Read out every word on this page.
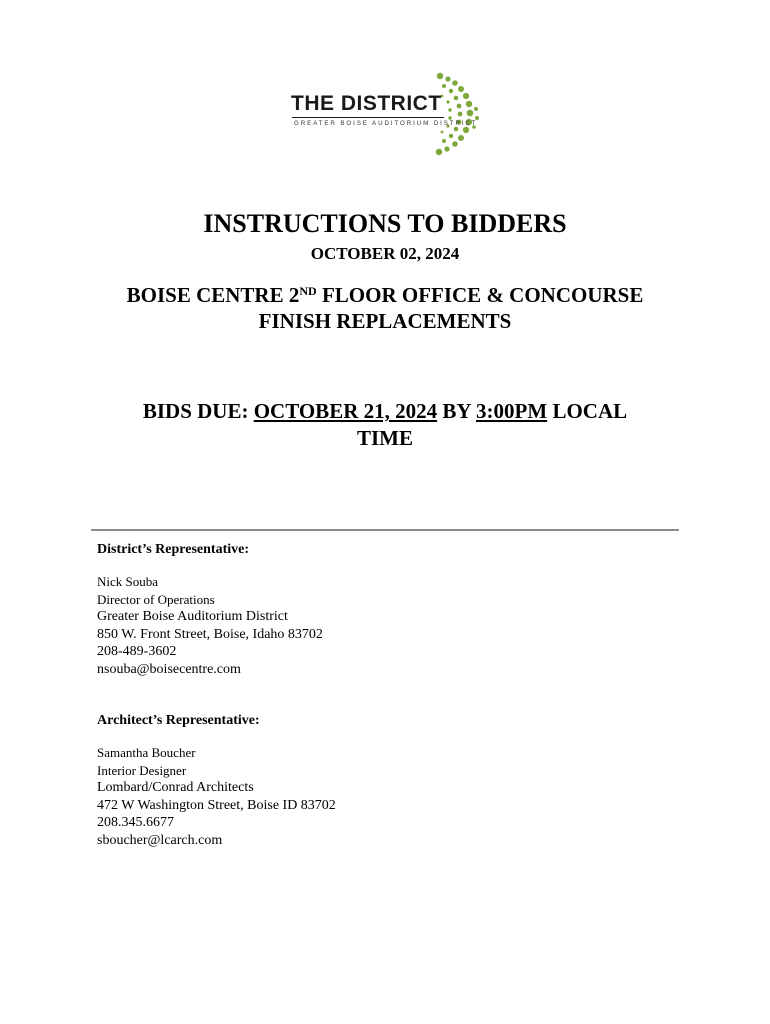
THE DISTRICT
GREATER BOISE AUDITORIUM DISTRICT
INSTRUCTIONS TO BIDDERS
OCTOBER 02, 2024
BOISE CENTRE 2ND FLOOR OFFICE & CONCOURSE
FINISH REPLACEMENTS
BIDS DUE: OCTOBER 21, 2024 BY 3:00PM LOCAL
TIME
District’s Representative:
Nick Souba
Director of Operations
Greater Boise Auditorium District
850 W. Front Street, Boise, Idaho 83702
208-489-3602
nsouba@boisecentre.com
Architect’s Representative:
Samantha Boucher
Interior Designer
Lombard/Conrad Architects
472 W Washington Street, Boise ID 83702
208.345.6677
sboucher@lcarch.com
